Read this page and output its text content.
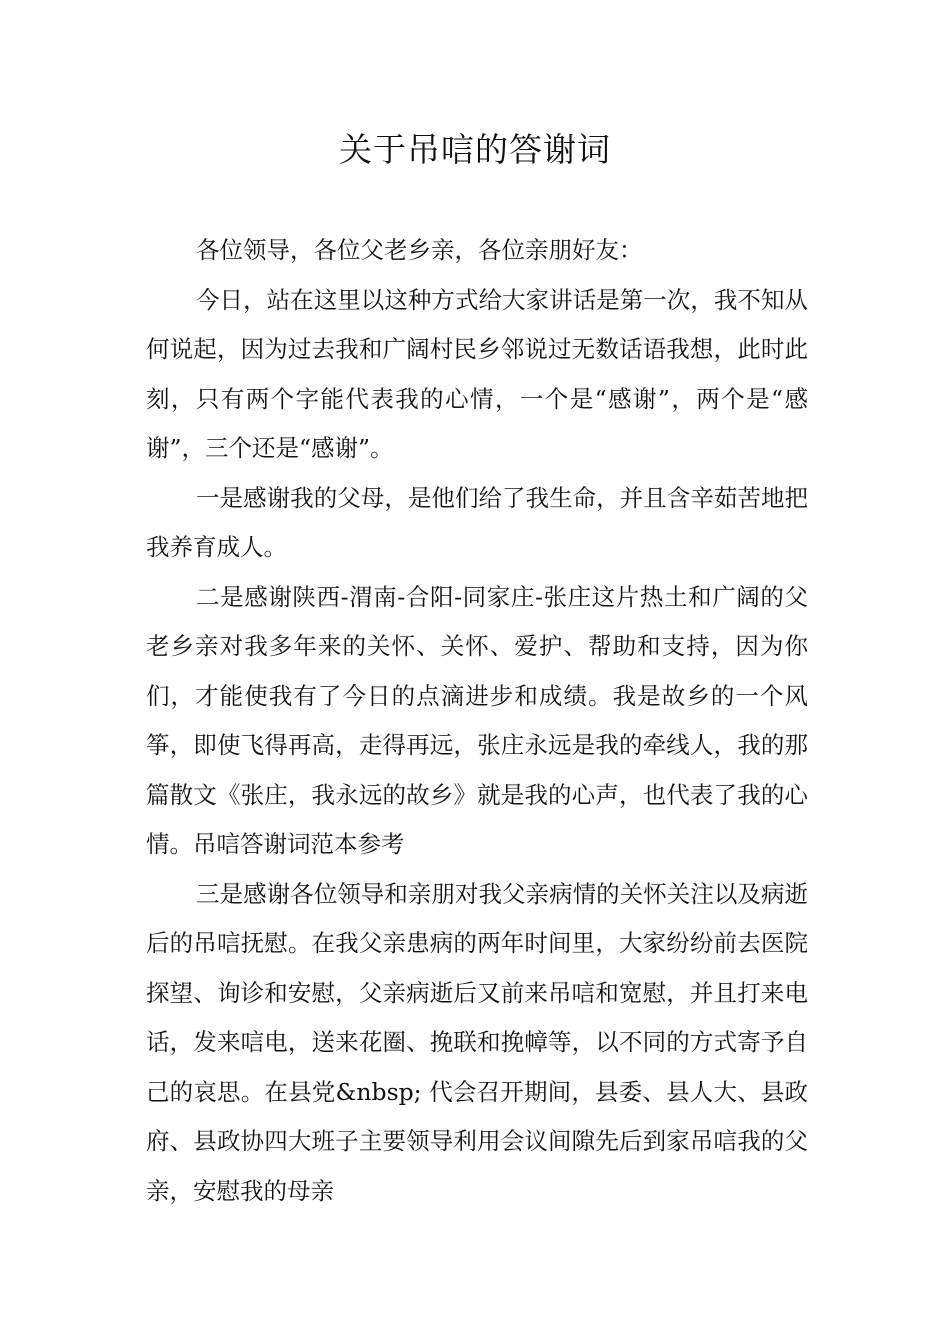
关于吊唁的答谢词

各位领导，各位父老乡亲，各位亲朋好友：

今日，站在这里以这种方式给大家讲话是第一次，我不知从何说起，因为过去我和广阔村民乡邻说过无数话语我想，此时此刻，只有两个字能代表我的心情，一个是“感谢”，两个是“感谢”，三个还是“感谢”。

一是感谢我的父母，是他们给了我生命，并且含辛茹苦地把我养育成人。

二是感谢陕西-渭南-合阳-同家庄-张庄这片热土和广阔的父老乡亲对我多年来的关怀、关怀、爱护、帮助和支持，因为你们，才能使我有了今日的点滴进步和成绩。我是故乡的一个风筝，即使飞得再高，走得再远，张庄永远是我的牵线人，我的那篇散文《张庄，我永远的故乡》就是我的心声，也代表了我的心情。吊唁答谢词范本参考

三是感谢各位领导和亲朋对我父亲病情的关怀关注以及病逝后的吊唁抚慰。在我父亲患病的两年时间里，大家纷纷前去医院探望、询诊和安慰，父亲病逝后又前来吊唁和宽慰，并且打来电话，发来唁电，送来花圈、挽联和挽幛等，以不同的方式寄予自己的哀思。在县党&nbsp; 代会召开期间，县委、县人大、县政府、县政协四大班子主要领导利用会议间隙先后到家吊唁我的父亲，安慰我的母亲
